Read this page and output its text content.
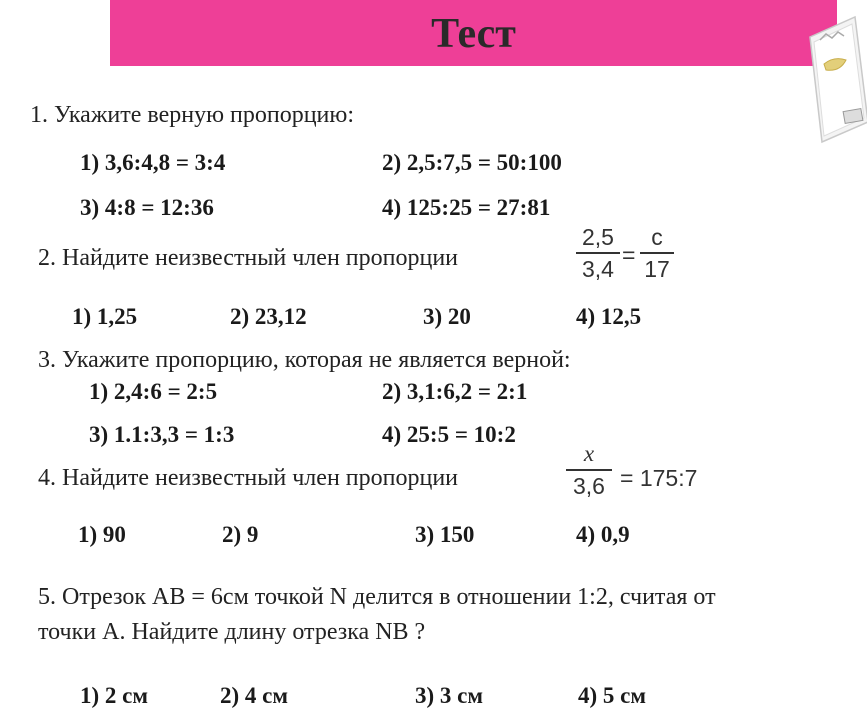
Тест
1. Укажите верную пропорцию:
1) 3,6:4,8 = 3:4	2) 2,5:7,5 = 50:100
3) 4:8 = 12:36	4) 125:25 = 27:81
2. Найдите неизвестный член пропорции
2,5
3,4
=
c
17
1) 1,25	2) 23,12	3) 20	4) 12,5
3. Укажите пропорцию, которая не является верной:
1) 2,4:6 = 2:5	2) 3,1:6,2 = 2:1
3) 1.1:3,3 = 1:3	4) 25:5 = 10:2
4. Найдите неизвестный член пропорции
x
3,6 = 175:7
1) 90	2) 9	3) 150	4) 0,9
5. Отрезок AB = 6см точкой N делится в отношении 1:2, считая от
точки A. Найдите длину отрезка NB ?
1) 2 см	2) 4 см	3) 3 см	4) 5 см
